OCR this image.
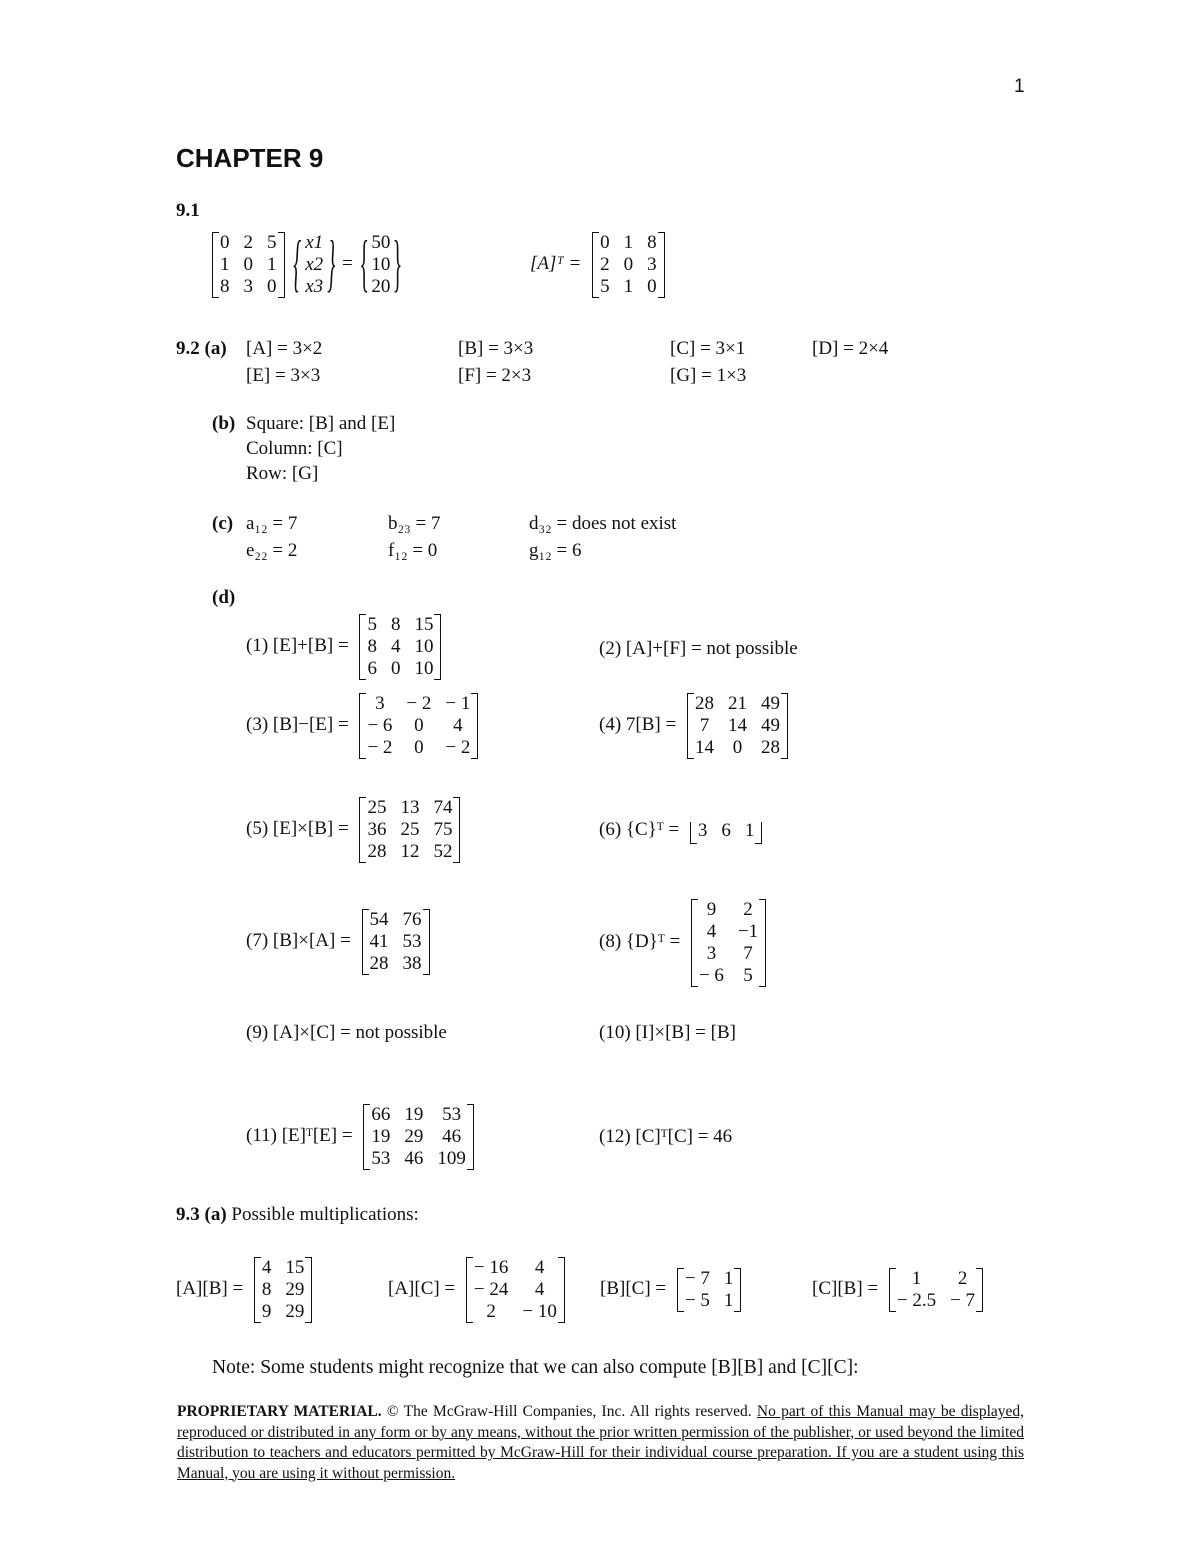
1
CHAPTER 9
9.1
0 2 5
1 0 1
8 3 0

{ x1
x2
x3
}
=
{ 50
10
20
}
[A]ᵀ =
0 1 8
2 0 3
5 1 0
9.2 (a) [A] = 3×2	[B] = 3×3	[C] = 3×1	[D] = 2×4
[E] = 3×3	[F] = 2×3	[G] = 1×3
(b) Square: [B] and [E]
Column: [C]
Row: [G]
(c) a₁₂ = 7	b₂₃ = 7	d₃₂ = does not exist
e₂₂ = 2	f₁₂ = 0	g₁₂ = 6
(d)
(1) [E]+[B] =
5 8 15
8 4 10
6 0 10
(2) [A]+[F] = not possible
(3) [B]−[E] =
3	− 2 − 1
− 6	0	4
− 2	0	− 2
(4) 7[B] =
28 21 49
7 14 49
14 0 28
(5) [E]×[B] =
25 13 74
36 25 75
28 12 52
(6) {C}ᵀ = 3 6 1
(7) [B]×[A] =
54 76
41 53
28 38
(8) {D}ᵀ =
9	2
4	−1
3	7
− 6 5
(9) [A]×[C] = not possible	(10) [I]×[B] = [B]
(11) [E]ᵀ[E] =
66 19 53
19 29 46
53 46 109
(12) [C]ᵀ[C] = 46
9.3 (a) Possible multiplications:
[A][B] =
4 15
8 29
9 29
[A][C] =
− 16	4
− 24	4
2	− 10
[B][C] = − 7 1
− 5 1
[C][B] =	1	2
− 2.5 − 7
Note: Some students might recognize that we can also compute [B][B] and [C][C]:
PROPRIETARY MATERIAL. © The McGraw-Hill Companies, Inc. All rights reserved. No part of this Manual may be displayed, reproduced or distributed in any form or by any means, without the prior written permission of the publisher, or used beyond the limited distribution to teachers and educators permitted by McGraw-Hill for their individual course preparation. If you are a student using this Manual, you are using it without permission.
